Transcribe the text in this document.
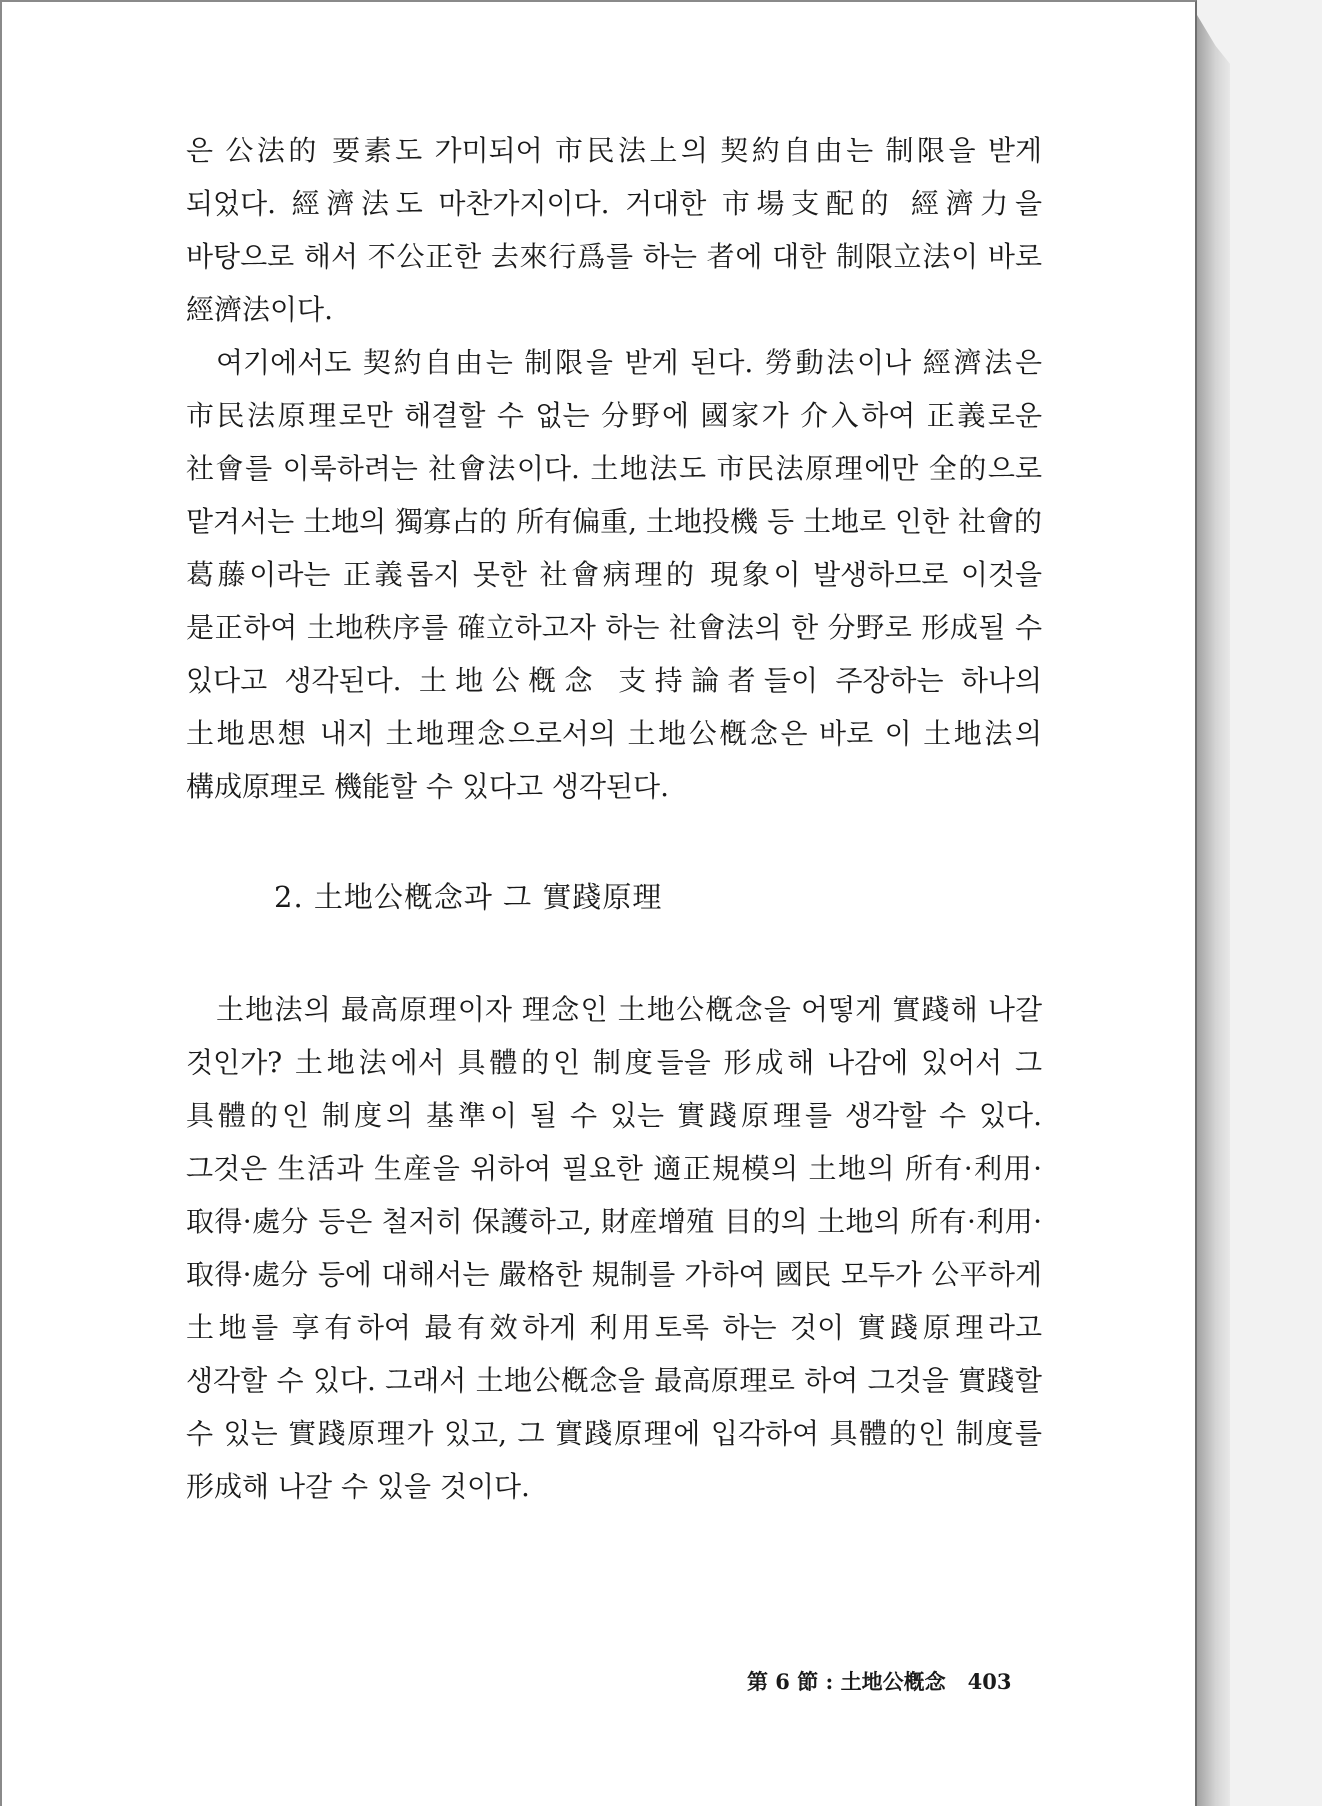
은 公法的 要素도 가미되어 市民法上의 契約自由는 制限을 받게 되었다. 經濟法도 마찬가지이다. 거대한 市場支配的 經濟力을 바탕으로 해서 不公正한 去來行爲를 하는 者에 대한 制限立法이 바로 經濟法이다.

여기에서도 契約自由는 制限을 받게 된다. 勞動法이나 經濟法은 市民法原理로만 해결할 수 없는 分野에 國家가 介入하여 正義로운 社會를 이룩하려는 社會法이다. 土地法도 市民法原理에만 全的으로 맡겨서는 土地의 獨寡占的 所有偏重, 土地投機 등 土地로 인한 社會的 葛藤이라는 正義롭지 못한 社會病理的 現象이 발생하므로 이것을 是正하여 土地秩序를 確立하고자 하는 社會法의 한 分野로 形成될 수 있다고 생각된다. 土地公槪念 支持論者들이 주장하는 하나의 土地思想 내지 土地理念으로서의 土地公槪念은 바로 이 土地法의 構成原理로 機能할 수 있다고 생각된다.

2. 土地公槪念과 그 實踐原理

土地法의 最高原理이자 理念인 土地公槪念을 어떻게 實踐해 나갈 것인가? 土地法에서 具體的인 制度들을 形成해 나감에 있어서 그 具體的인 制度의 基準이 될 수 있는 實踐原理를 생각할 수 있다. 그것은 生活과 生産을 위하여 필요한 適正規模의 土地의 所有·利用·取得·處分 등은 철저히 保護하고, 財産增殖 目的의 土地의 所有·利用·取得·處分 등에 대해서는 嚴格한 規制를 가하여 國民 모두가 公平하게 土地를 享有하여 最有效하게 利用토록 하는 것이 實踐原理라고 생각할 수 있다. 그래서 土地公槪念을 最高原理로 하여 그것을 實踐할 수 있는 實踐原理가 있고, 그 實踐原理에 입각하여 具體的인 制度를 形成해 나갈 수 있을 것이다.

第 6 節 : 土地公槪念 403
